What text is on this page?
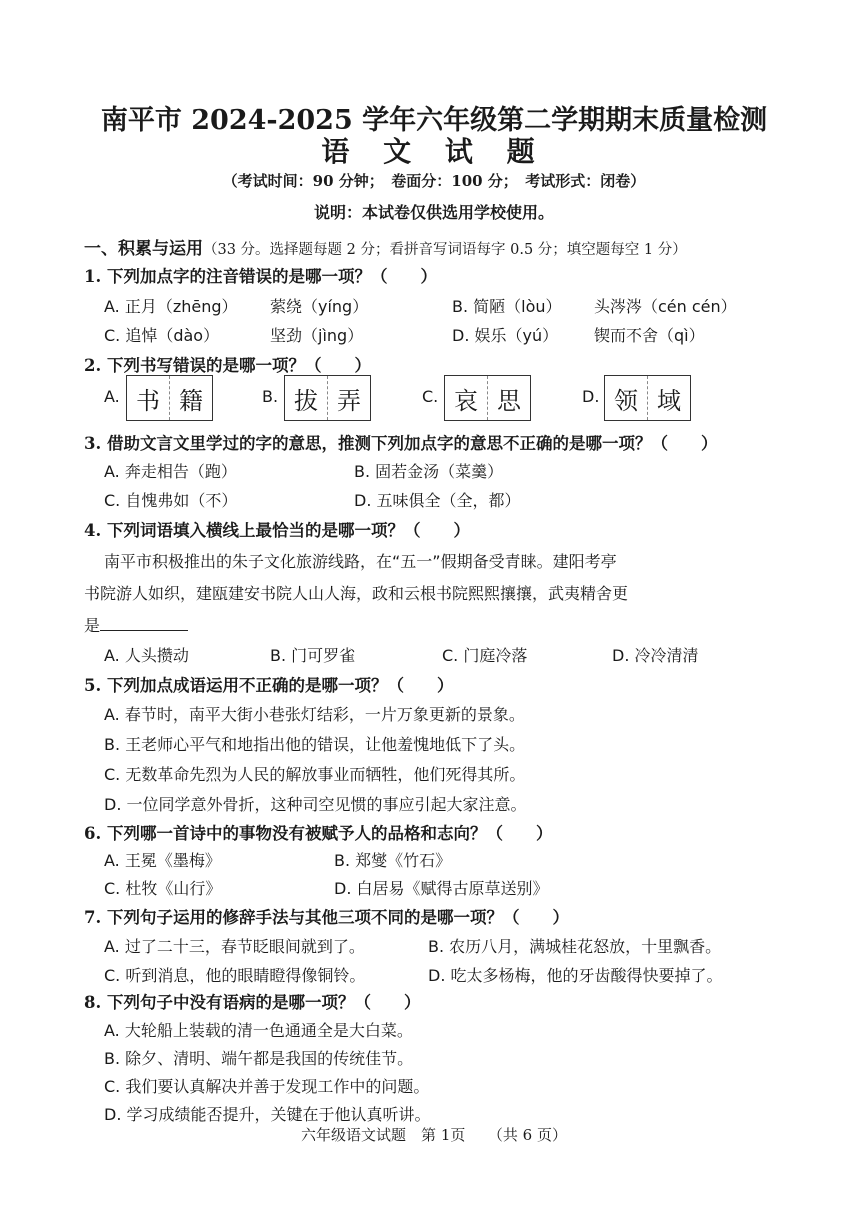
南平市 2024-2025 学年六年级第二学期期末质量检测
语 文 试 题
（考试时间：90 分钟；　卷面分：100 分；　考试形式：闭卷）
说明：本试卷仅供选用学校使用。
一、积累与运用（33 分。选择题每题 2 分；看拼音写词语每字 0.5 分；填空题每空 1 分）
1. 下列加点字的注音错误的是哪一项？（　　）
A. 正月（zhēng） 萦绕（yíng）	B. 简陋（lòu） 头涔涔（cén cén）
C. 追悼（dào）	坚劲（jìng）	D. 娱乐（yú） 锲而不舍（qì）
2. 下列书写错误的是哪一项？（　　）
A. 书 籍	B. 拔 弄	C. 哀 思	D. 领 域
3. 借助文言文里学过的字的意思，推测下列加点字的意思不正确的是哪一项？（　　）
A. 奔走相告（跑）	B. 固若金汤（菜羹）
C. 自愧弗如（不）	D. 五味俱全（全，都）
4. 下列词语填入横线上最恰当的是哪一项？（　　）
南平市积极推出的朱子文化旅游线路，在“五一”假期备受青睐。建阳考亭
书院游人如织，建瓯建安书院人山人海，政和云根书院熙熙攘攘，武夷精舍更
是
A. 人头攒动	B. 门可罗雀	C. 门庭冷落	D. 冷冷清清
5. 下列加点成语运用不正确的是哪一项？（　　）
A. 春节时，南平大街小巷张灯结彩，一片万象更新的景象。
B. 王老师心平气和地指出他的错误，让他羞愧地低下了头。
C. 无数革命先烈为人民的解放事业而牺牲，他们死得其所。
D. 一位同学意外骨折，这种司空见惯的事应引起大家注意。
6. 下列哪一首诗中的事物没有被赋予人的品格和志向？（　　）
A. 王冕《墨梅》	B. 郑燮《竹石》
C. 杜牧《山行》	D. 白居易《赋得古原草送别》
7. 下列句子运用的修辞手法与其他三项不同的是哪一项？（　　）
A. 过了二十三，春节眨眼间就到了。	B. 农历八月，满城桂花怒放，十里飘香。
C. 听到消息，他的眼睛瞪得像铜铃。	D. 吃太多杨梅，他的牙齿酸得快要掉了。
8. 下列句子中没有语病的是哪一项？（　　）
A. 大轮船上装载的清一色通通全是大白菜。
B. 除夕、清明、端午都是我国的传统佳节。
C. 我们要认真解决并善于发现工作中的问题。
D. 学习成绩能否提升，关键在于他认真听讲。
六年级语文试题　第 1页　　（共 6 页）
